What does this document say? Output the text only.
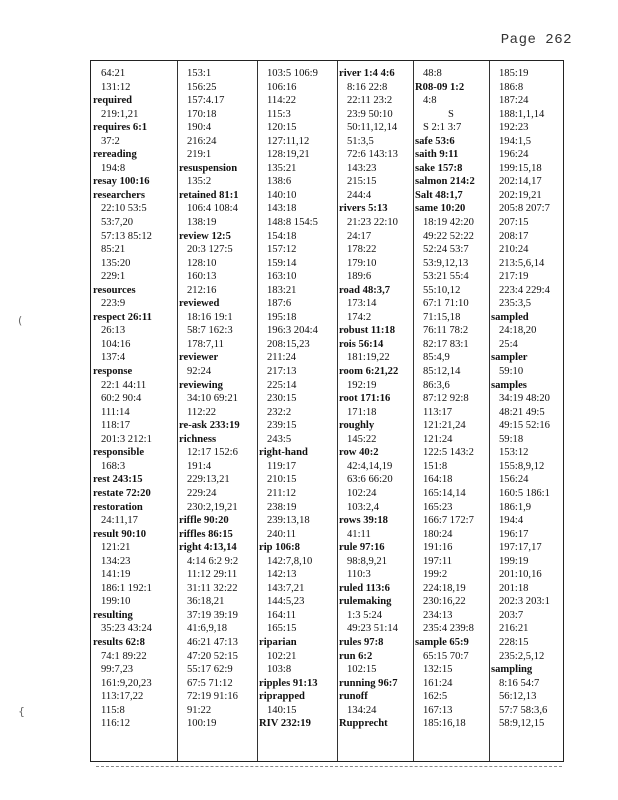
Page 262
(
{
64:21
131:12
required
219:1,21
requires 6:1
37:2
rereading
194:8
resay 100:16
researchers
22:10 53:5
53:7,20
57:13 85:12
85:21
135:20
229:1
resources
223:9
respect 26:11
26:13
104:16
137:4
response
22:1 44:11
60:2 90:4
111:14
118:17
201:3 212:1
responsible
168:3
rest 243:15
restate 72:20
restoration
24:11,17
result 90:10
121:21
134:23
141:19
186:1 192:1
199:10
resulting
35:23 43:24
results 62:8
74:1 89:22
99:7,23
161:9,20,23
113:17,22
115:8
116:12
153:1
156:25
157:4.17
170:18
190:4
216:24
219:1
resuspension
135:2
retained 81:1
106:4 108:4
138:19
review 12:5
20:3 127:5
128:10
160:13
212:16
reviewed
18:16 19:1
58:7 162:3
178:7,11
reviewer
92:24
reviewing
34:10 69:21
112:22
re-ask 233:19
richness
12:17 152:6
191:4
229:13,21
229:24
230:2,19,21
riffle 90:20
riffles 86:15
right 4:13,14
4:14 6:2 9:2
11:12 29:11
31:11 32:22
36:18,21
37:19 39:19
41:6,9,18
46:21 47:13
47:20 52:15
55:17 62:9
67:5 71:12
72:19 91:16
91:22
100:19
103:5 106:9
106:16
114:22
115:3
120:15
127:11,12
128:19,21
135:21
138:6
140:10
143:18
148:8 154:5
154:18
157:12
159:14
163:10
183:21
187:6
195:18
196:3 204:4
208:15,23
211:24
217:13
225:14
230:15
232:2
239:15
243:5
right-hand
119:17
210:15
211:12
238:19
239:13,18
240:11
rip 106:8
142:7,8,10
142:13
143:7,21
144:5,23
164:11
165:15
riparian
102:21
103:8
ripples 91:13
riprapped
140:15
RIV 232:19
river 1:4 4:6
8:16 22:8
22:11 23:2
23:9 50:10
50:11,12,14
51:3,5
72:6 143:13
143:23
215:15
244:4
rivers 5:13
21:23 22:10
24:17
178:22
179:10
189:6
road 48:3,7
173:14
174:2
robust 11:18
rois 56:14
181:19,22
room 6:21,22
192:19
root 171:16
171:18
roughly
145:22
row 40:2
42:4,14,19
63:6 66:20
102:24
103:2,4
rows 39:18
41:11
rule 97:16
98:8,9,21
110:3
ruled 113:6
rulemaking
1:3 5:24
49:23 51:14
rules 97:8
run 6:2
102:15
running 96:7
runoff
134:24
Rupprecht
48:8
R08-09 1:2
4:8
S
S 2:1 3:7
safe 53:6
saith 9:11
sake 157:8
salmon 214:2
Salt 48:1,7
same 10:20
18:19 42:20
49:22 52:22
52:24 53:7
53:9,12,13
53:21 55:4
55:10,12
67:1 71:10
71:15,18
76:11 78:2
82:17 83:1
85:4,9
85:12,14
86:3,6
87:12 92:8
113:17
121:21,24
121:24
122:5 143:2
151:8
164:18
165:14,14
165:23
166:7 172:7
180:24
191:16
197:11
199:2
224:18,19
230:16,22
234:13
235:4 239:8
sample 65:9
65:15 70:7
132:15
161:24
162:5
167:13
185:16,18
185:19
186:8
187:24
188:1,1,14
192:23
194:1,5
196:24
199:15,18
202:14,17
202:19,21
205:8 207:7
207:15
208:17
210:24
213:5,6,14
217:19
223:4 229:4
235:3,5
sampled
24:18,20
25:4
sampler
59:10
samples
34:19 48:20
48:21 49:5
49:15 52:16
59:18
153:12
155:8,9,12
156:24
160:5 186:1
186:1,9
194:4
196:17
197:17,17
199:19
201:10,16
201:18
202:3 203:1
203:7
216:21
228:15
235:2,5,12
sampling
8:16 54:7
56:12,13
57:7 58:3,6
58:9,12,15
